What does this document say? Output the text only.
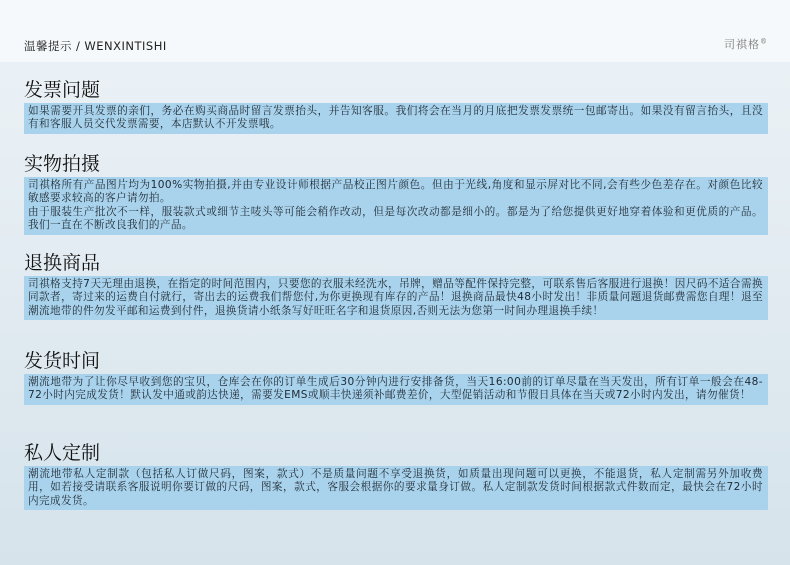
温馨提示 / WENXINTISHI	司祺格®
发票问题

如果需要开具发票的亲们，务必在购买商品时留言发票抬头，并告知客服。我们将会在当月的月底把发票发票统一包邮寄出。如果没有留言抬头，且没有和客服人员交代发票需要，本店默认不开发票哦。

实物拍摄

司祺格所有产品图片均为100%实物拍摄,并由专业设计师根据产品校正图片颜色。但由于光线,角度和显示屏对比不同,会有些少色差存在。对颜色比较敏感要求较高的客户请勿拍。

由于服装生产批次不一样，服装款式或细节主唛头等可能会稍作改动，但是每次改动都是细小的。都是为了给您提供更好地穿着体验和更优质的产品。我们一直在不断改良我们的产品。

退换商品

司祺格支持7天无理由退换，在指定的时间范围内，只要您的衣服未经洗水，吊牌，赠品等配件保持完整，可联系售后客服进行退换！因尺码不适合需换同款者，寄过来的运费自付就行，寄出去的运费我们帮您付,为你更换现有库存的产品！退换商品最快48小时发出！非质量问题退货邮费需您自理！退至潮流地带的件勿发平邮和运费到付件，退换货请小纸条写好旺旺名字和退货原因,否则无法为您第一时间办理退换手续！

发货时间

潮流地带为了让你尽早收到您的宝贝，仓库会在你的订单生成后30分钟内进行安排备货，当天16:00前的订单尽量在当天发出，所有订单一般会在48-72小时内完成发货！默认发中通或韵达快递，需要发EMS或顺丰快递须补邮费差价，大型促销活动和节假日具体在当天或72小时内发出，请勿催货！

私人定制

潮流地带私人定制款（包括私人订做尺码，图案，款式）不是质量问题不享受退换货，如质量出现问题可以更换，不能退货，私人定制需另外加收费用，如若接受请联系客服说明你要订做的尺码，图案，款式，客服会根据你的要求量身订做。私人定制款发货时间根据款式件数而定，最快会在72小时内完成发货。
